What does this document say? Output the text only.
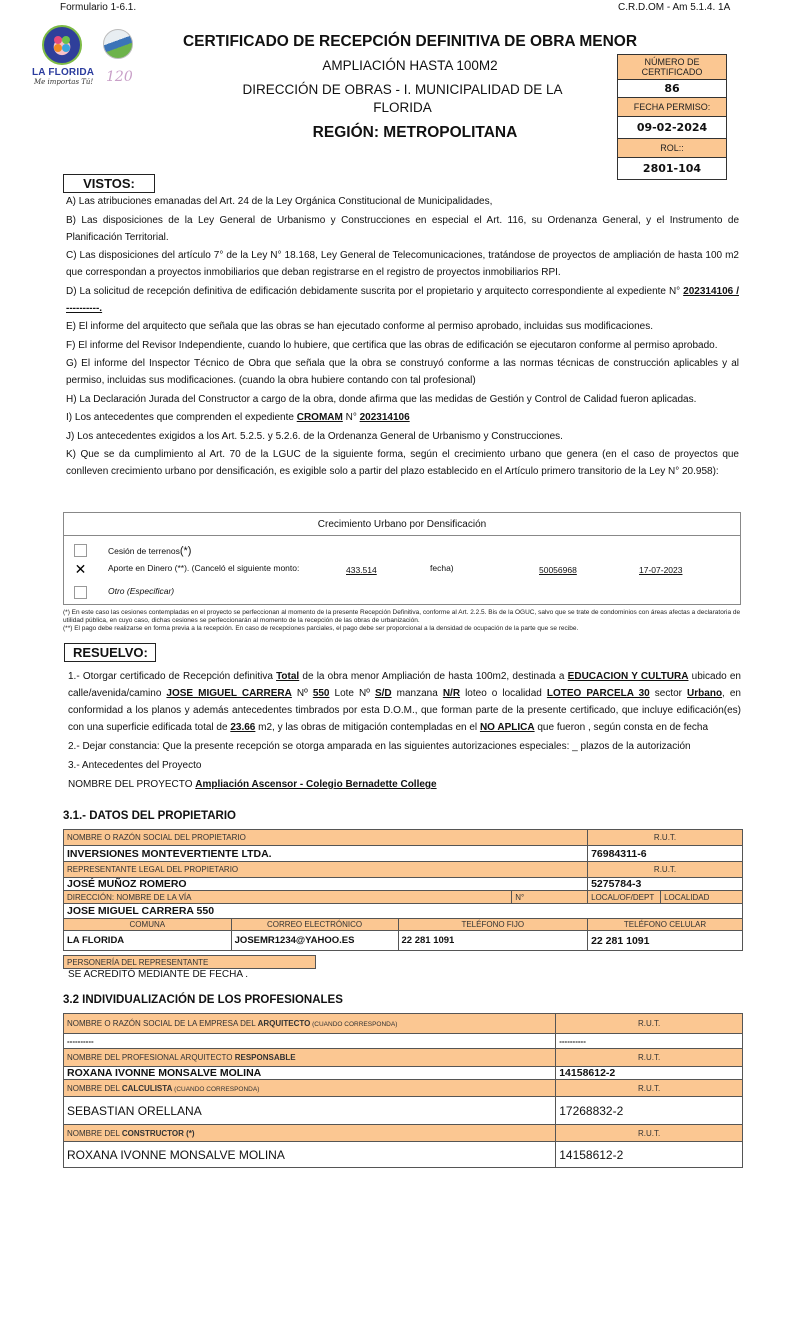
Formulario 1-6.1.	C.R.D.OM - Am 5.1.4. 1A
LA FLORIDA
Me importas Tú! 120
CERTIFICADO DE RECEPCIÓN DEFINITIVA DE OBRA MENOR
AMPLIACIÓN HASTA 100M2
DIRECCIÓN DE OBRAS - I. MUNICIPALIDAD DE LA FLORIDA
REGIÓN: METROPOLITANA
NÚMERO DE CERTIFICADO
86
FECHA PERMISO:
09-02-2024
ROL::
2801-104
VISTOS:

A) Las atribuciones emanadas del Art. 24 de la Ley Orgánica Constitucional de Municipalidades,

B) Las disposiciones de la Ley General de Urbanismo y Construcciones en especial el Art. 116, su Ordenanza General, y el Instrumento de Planificación Territorial.

C) Las disposiciones del artículo 7° de la Ley N° 18.168, Ley General de Telecomunicaciones, tratándose de proyectos de ampliación de hasta 100 m2 que correspondan a proyectos inmobiliarios que deban registrarse en el registro de proyectos inmobiliarios RPI.

D) La solicitud de recepción definitiva de edificación debidamente suscrita por el propietario y arquitecto correspondiente al expediente N° 202314106 / ----------.

E) El informe del arquitecto que señala que las obras se han ejecutado conforme al permiso aprobado, incluidas sus modificaciones.

F) El informe del Revisor Independiente, cuando lo hubiere, que certifica que las obras de edificación se ejecutaron conforme al permiso aprobado.

G) El informe del Inspector Técnico de Obra que señala que la obra se construyó conforme a las normas técnicas de construcción aplicables y al permiso, incluidas sus modificaciones. (cuando la obra hubiere contando con tal profesional)

H) La Declaración Jurada del Constructor a cargo de la obra, donde afirma que las medidas de Gestión y Control de Calidad fueron aplicadas.

I) Los antecedentes que comprenden el expediente CROMAM N° 202314106

J) Los antecedentes exigidos a los Art. 5.2.5. y 5.2.6. de la Ordenanza General de Urbanismo y Construcciones.

K) Que se da cumplimiento al Art. 70 de la LGUC de la siguiente forma, según el crecimiento urbano que genera (en el caso de proyectos que conlleven crecimiento urbano por densificación, es exigible solo a partir del plazo establecido en el Artículo primero transitorio de la Ley N° 20.958):

Crecimiento Urbano por Densificación
Cesión de terrenos(*)
✕	Aporte en Dinero (**). (Canceló el siguiente monto:	433.514	fecha)	50056968	17-07-2023
Otro (Especificar)
(*) En este caso las cesiones contempladas en el proyecto se perfeccionan al momento de la presente Recepción Definitiva, conforme al Art. 2.2.5. Bis de la OGUC, salvo que se trate de condominios con áreas afectas a declaratoria de utilidad pública, en cuyo caso, dichas cesiones se perfeccionarán al momento de la recepción de las obras de urbanización.
(**) El pago debe realizarse en forma previa a la recepción. En caso de recepciones parciales, el pago debe ser proporcional a la densidad de ocupación de la parte que se recibe.
RESUELVO:

1.- Otorgar certificado de Recepción definitiva Total de la obra menor Ampliación de hasta 100m2, destinada a EDUCACION Y CULTURA ubicado en calle/avenida/camino JOSE MIGUEL CARRERA Nº 550 Lote Nº S/D manzana N/R loteo o localidad LOTEO PARCELA 30 sector Urbano, en conformidad a los planos y además antecedentes timbrados por esta D.O.M., que forman parte de la presente certificado, que incluye edificación(es) con una superficie edificada total de 23.66 m2, y las obras de mitigación contempladas en el NO APLICA que fueron , según consta en de fecha

2.- Dejar constancia: Que la presente recepción se otorga amparada en las siguientes autorizaciones especiales: _ plazos de la autorización

3.- Antecedentes del Proyecto

NOMBRE DEL PROYECTO Ampliación Ascensor - Colegio Bernadette College

3.1.- DATOS DEL PROPIETARIO
NOMBRE O RAZÓN SOCIAL DEL PROPIETARIO				R.U.T.	
INVERSIONES MONTEVERTIENTE LTDA.				76984311-6	
REPRESENTANTE LEGAL DEL PROPIETARIO				R.U.T.	
JOSÉ MUÑOZ ROMERO				5275784-3	
DIRECCIÓN: NOMBRE DE LA VÍA			N°	LOCAL/OF/DEPT	LOCALIDAD
JOSE MIGUEL CARRERA 550					
COMUNA	CORREO ELECTRÓNICO	TELÉFONO FIJO		TELÉFONO CELULAR	
LA FLORIDA	JOSEMR1234@YAHOO.ES	22 281 1091		22 281 1091	
PERSONERÍA DEL REPRESENTANTE
SE ACREDITÓ MEDIANTE DE FECHA .
3.2 INDIVIDUALIZACIÓN DE LOS PROFESIONALES
NOMBRE O RAZÓN SOCIAL DE LA EMPRESA DEL ARQUITECTO (CUANDO CORRESPONDA)	R.U.T.
----------	----------
NOMBRE DEL PROFESIONAL ARQUITECTO RESPONSABLE	R.U.T.
ROXANA IVONNE MONSALVE MOLINA	14158612-2
NOMBRE DEL CALCULISTA (CUANDO CORRESPONDA)	R.U.T.
SEBASTIAN ORELLANA	17268832-2
NOMBRE DEL CONSTRUCTOR (*)	R.U.T.
ROXANA IVONNE MONSALVE MOLINA	14158612-2
